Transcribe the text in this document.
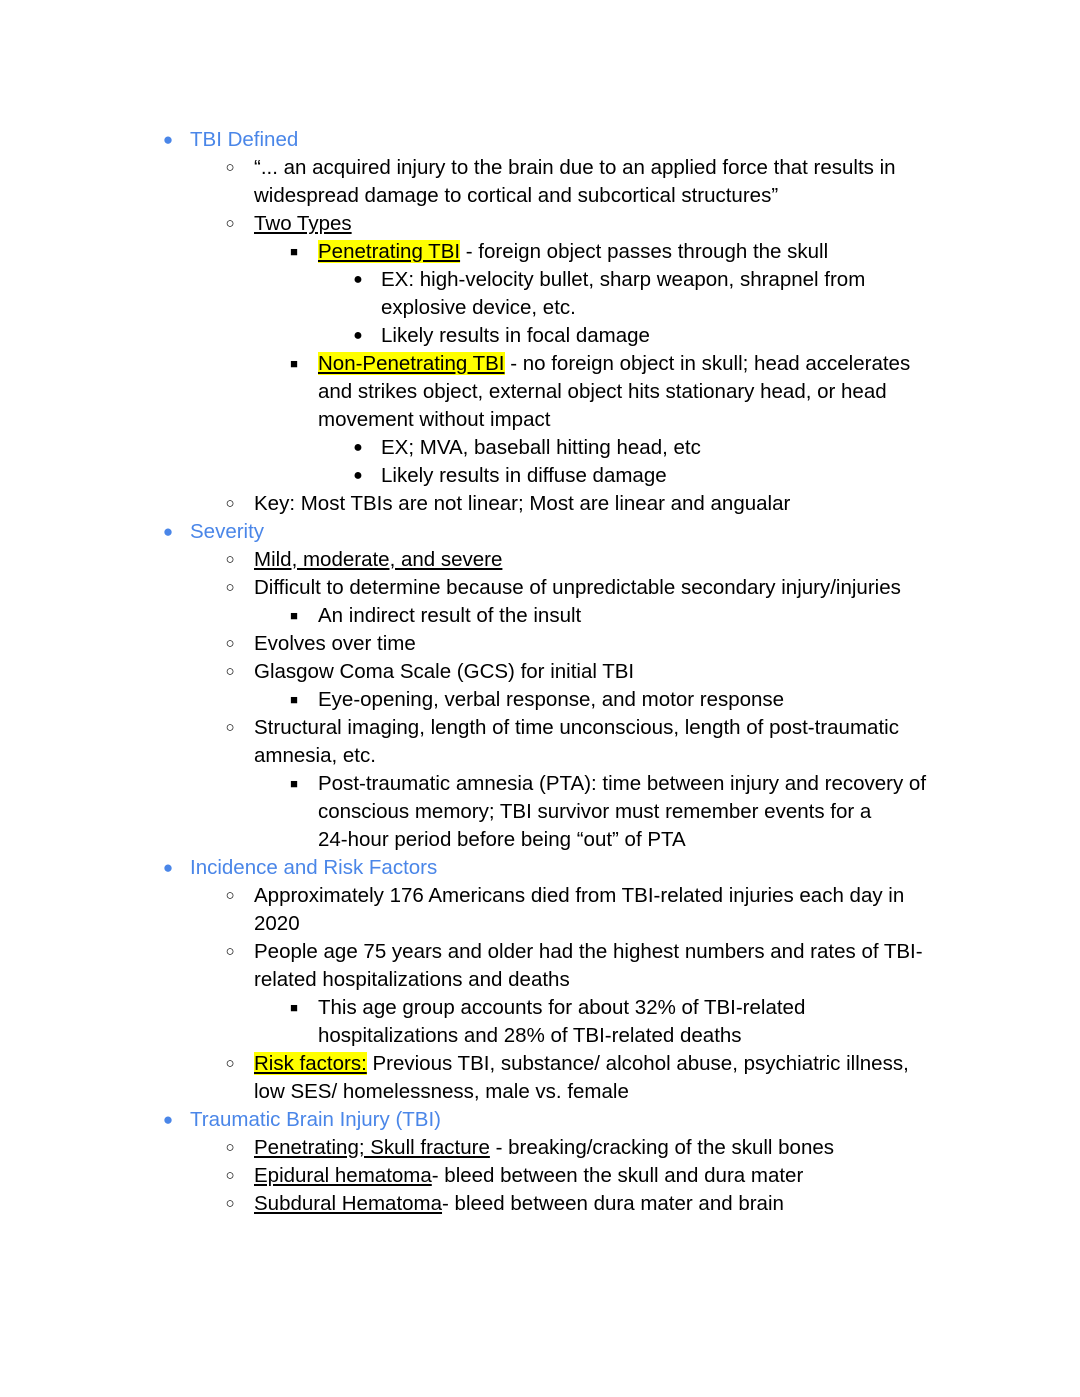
● TBI Defined
○ “... an acquired injury to the brain due to an applied force that results in
widespread damage to cortical and subcortical structures”
○ Two Types
■ Penetrating TBI - foreign object passes through the skull
● EX: high-velocity bullet, sharp weapon, shrapnel from
explosive device, etc.
● Likely results in focal damage
■ Non-Penetrating TBI - no foreign object in skull; head accelerates
and strikes object, external object hits stationary head, or head
movement without impact
● EX; MVA, baseball hitting head, etc
● Likely results in diffuse damage
○ Key: Most TBIs are not linear; Most are linear and angualar
● Severity
○ Mild, moderate, and severe
○ Difficult to determine because of unpredictable secondary injury/injuries
■ An indirect result of the insult
○ Evolves over time
○ Glasgow Coma Scale (GCS) for initial TBI
■ Eye-opening, verbal response, and motor response
○ Structural imaging, length of time unconscious, length of post-traumatic
amnesia, etc.
■ Post-traumatic amnesia (PTA): time between injury and recovery of
conscious memory; TBI survivor must remember events for a
24-hour period before being “out” of PTA
● Incidence and Risk Factors
○ Approximately 176 Americans died from TBI-related injuries each day in
2020
○ People age 75 years and older had the highest numbers and rates of TBI-
related hospitalizations and deaths
■ This age group accounts for about 32% of TBI-related
hospitalizations and 28% of TBI-related deaths
○ Risk factors: Previous TBI, substance/ alcohol abuse, psychiatric illness,
low SES/ homelessness, male vs. female
● Traumatic Brain Injury (TBI)
○ Penetrating; Skull fracture - breaking/cracking of the skull bones
○ Epidural hematoma- bleed between the skull and dura mater
○ Subdural Hematoma- bleed between dura mater and brain
